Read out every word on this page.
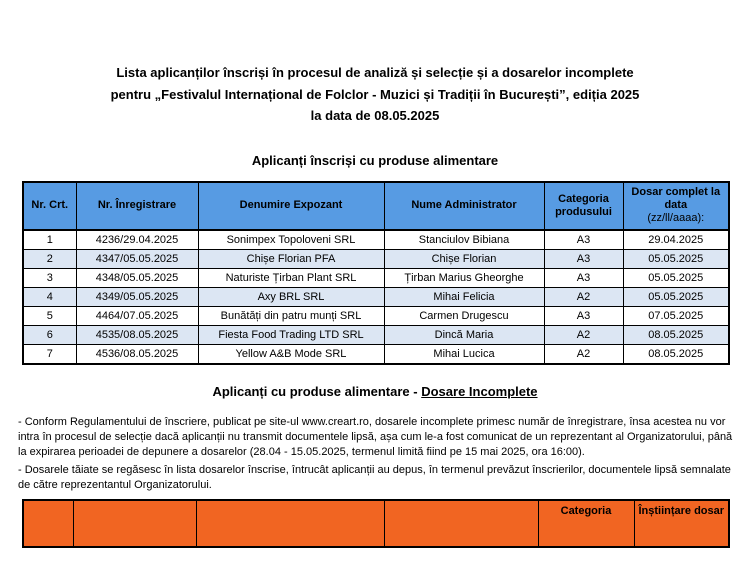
Lista aplicanților înscriși în procesul de analiză și selecție și a dosarelor incomplete
pentru „Festivalul Internațional de Folclor - Muzici și Tradiții în București”, ediția 2025
la data de 08.05.2025
Aplicanți înscriși cu produse alimentare
Nr. Crt.	Nr. Înregistrare	Denumire Expozant	Nume Administrator	Categoria produsului	Dosar complet la data
(zz/ll/aaaa):

1	4236/29.04.2025	Sonimpex Topoloveni SRL	Stanciulov Bibiana	A3	29.04.2025
2	4347/05.05.2025	Chișe Florian PFA	Chișe Florian	A3	05.05.2025
3	4348/05.05.2025	Naturiste Țirban Plant SRL	Țirban Marius Gheorghe	A3	05.05.2025
4	4349/05.05.2025	Axy BRL SRL	Mihai Felicia	A2	05.05.2025
5	4464/07.05.2025	Bunătăți din patru munți SRL	Carmen Drugescu	A3	07.05.2025
6	4535/08.05.2025	Fiesta Food Trading LTD SRL	Dincă Maria	A2	08.05.2025
7	4536/08.05.2025	Yellow A&B Mode SRL	Mihai Lucica	A2	08.05.2025
Aplicanți cu produse alimentare - Dosare Incomplete

- Conform Regulamentului de înscriere, publicat pe site-ul www.creart.ro, dosarele incomplete primesc număr de înregistrare, însa acestea nu vor intra în procesul de selecție dacă aplicanții nu transmit documentele lipsă, așa cum le-a fost comunicat de un reprezentant al Organizatorului, până la expirarea perioadei de depunere a dosarelor (28.04 - 15.05.2025, termenul limită fiind pe 15 mai 2025, ora 16:00).

- Dosarele tăiate se regăsesc în lista dosarelor înscrise, întrucât aplicanții au depus, în termenul prevăzut înscrierilor, documentele lipsă semnalate de către reprezentantul Organizatorului.

				Categoria	Înștiințare dosar
